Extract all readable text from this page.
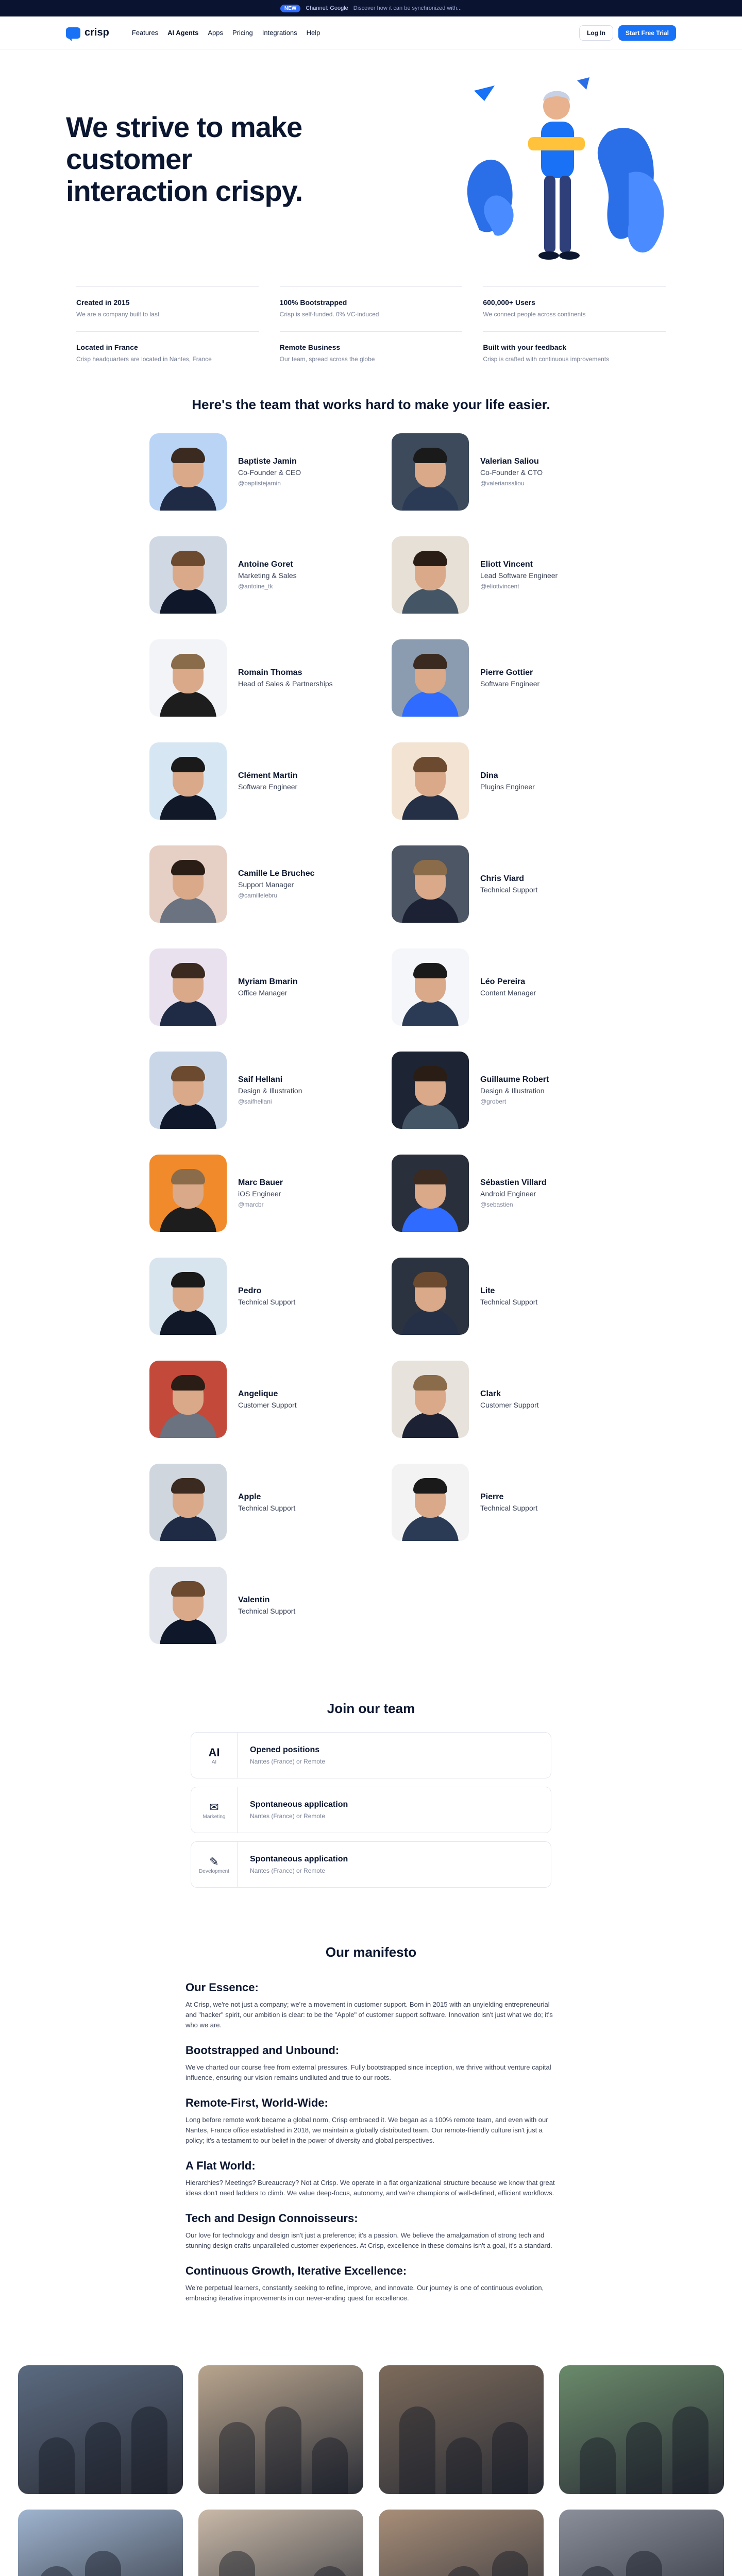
NEW	Channel: Google Discover how it can be synchronized with...
crisp	Features AI Agents Apps Pricing Integrations Help	Log In	Start Free Trial
We strive to make customer interaction crispy.
Created in 2015
We are a company built to last
100% Bootstrapped
Crisp is self-funded. 0% VC-induced
600,000+ Users
We connect people across continents
Located in France
Crisp headquarters are located in Nantes, France
Remote Business
Our team, spread across the globe
Built with your feedback
Crisp is crafted with continuous improvements
Here's the team that works hard to make your life easier.
Baptiste Jamin
Co-Founder & CEO
@baptistejamin
Valerian Saliou
Co-Founder & CTO
@valeriansaliou
Antoine Goret
Marketing & Sales
@antoine_tk
Eliott Vincent
Lead Software Engineer
@eliottvincent
Romain Thomas
Head of Sales & Partnerships
Pierre Gottier
Software Engineer
Clément Martin
Software Engineer
Dina
Plugins Engineer
Camille Le Bruchec
Support Manager
@camillelebru
Chris Viard
Technical Support
Myriam Bmarin
Office Manager
Léo Pereira
Content Manager
Saif Hellani
Design & Illustration
@saifhellani
Guillaume Robert
Design & Illustration
@grobert
Marc Bauer
iOS Engineer
@marcbr
Sébastien Villard
Android Engineer
@sebastien
Pedro
Technical Support
Lite
Technical Support
Angelique
Customer Support
Clark
Customer Support
Apple
Technical Support
Pierre
Technical Support
Valentin
Technical Support
Join our team
AI
AI
Opened positions
Nantes (France) or Remote
✉
Marketing
Spontaneous application
Nantes (France) or Remote
✎
Development
Spontaneous application
Nantes (France) or Remote
Our manifesto
Our Essence:

At Crisp, we're not just a company; we're a movement in customer support. Born in 2015 with an unyielding entrepreneurial and "hacker" spirit, our ambition is clear: to be the "Apple" of customer support software. Innovation isn't just what we do; it's who we are.

Bootstrapped and Unbound:

We've charted our course free from external pressures. Fully bootstrapped since inception, we thrive without venture capital influence, ensuring our vision remains undiluted and true to our roots.

Remote-First, World-Wide:

Long before remote work became a global norm, Crisp embraced it. We began as a 100% remote team, and even with our Nantes, France office established in 2018, we maintain a globally distributed team. Our remote-friendly culture isn't just a policy; it's a testament to our belief in the power of diversity and global perspectives.

A Flat World:

Hierarchies? Meetings? Bureaucracy? Not at Crisp. We operate in a flat organizational structure because we know that great ideas don't need ladders to climb. We value deep-focus, autonomy, and we're champions of well-defined, efficient workflows.

Tech and Design Connoisseurs:

Our love for technology and design isn't just a preference; it's a passion. We believe the amalgamation of strong tech and stunning design crafts unparalleled customer experiences. At Crisp, excellence in these domains isn't a goal, it's a standard.

Continuous Growth, Iterative Excellence:

We're perpetual learners, constantly seeking to refine, improve, and innovate. Our journey is one of continuous evolution, embracing iterative improvements in our never-ending quest for excellence.
